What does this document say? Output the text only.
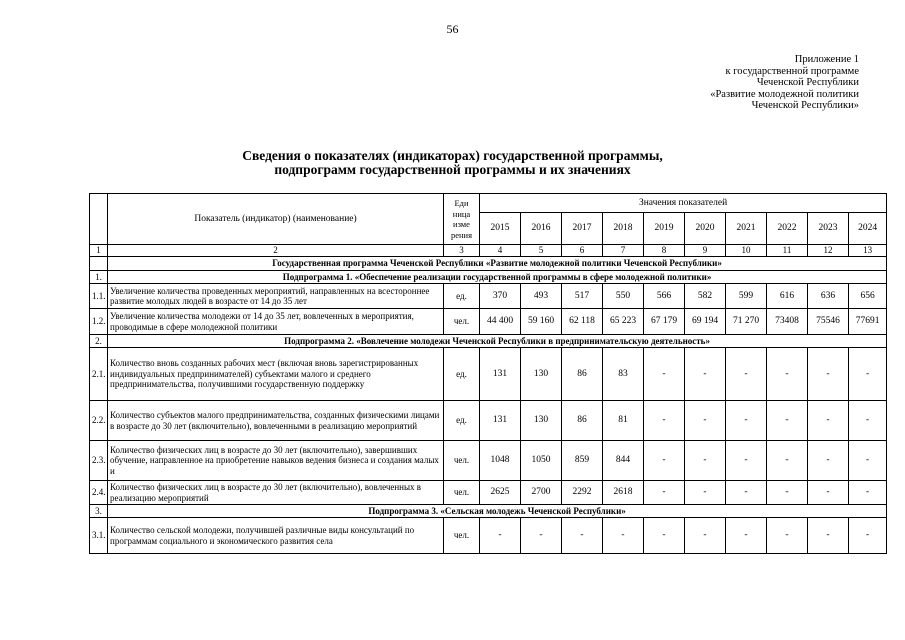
56
Приложение 1
к государственной программе
Чеченской Республики
«Развитие молодежной политики
Чеченской Республики»
Сведения о показателях (индикаторах) государственной программы,
подпрограмм государственной программы и их значениях
	Показатель (индикатор) (наименование)	Еди
ница
изме
рения	Значения показателей									
			2015	2016	2017	2018	2019	2020	2021	2022	2023	2024
1	2	3	4	5	6	7	8	9	10	11	12	13
	Государственная программа Чеченской Республики «Развитие молодежной политики Чеченской Республики»											
1.	Подпрограмма 1. «Обеспечение реализации государственной программы в сфере молодежной политики»											
1.1.	Увеличение количества проведенных мероприятий, направленных на всестороннее развитие молодых людей в возрасте от 14 до 35 лет	ед.	370	493	517	550	566	582	599	616	636	656
1.2.	Увеличение количества молодежи от 14 до 35 лет, вовлеченных в мероприятия, проводимые в сфере молодежной политики	чел.	44 400	59 160	62 118	65 223	67 179	69 194	71 270	73408	75546	77691
2.	Подпрограмма 2. «Вовлечение молодежи Чеченской Республики в предпринимательскую деятельность»											
2.1.	Количество вновь созданных рабочих мест (включая вновь зарегистрированных индивидуальных предпринимателей) субъектами малого и среднего предпринимательства, получившими государственную поддержку	ед.	131	130	86	83	-	-	-	-	-	-
2.2.	Количество субъектов малого предпринимательства, созданных физическими лицами в возрасте до 30 лет (включительно), вовлеченными в реализацию мероприятий	ед.	131	130	86	81	-	-	-	-	-	-
2.3.	Количество физических лиц в возрасте до 30 лет (включительно), завершивших обучение, направленное на приобретение навыков ведения бизнеса и создания малых и	чел.	1048	1050	859	844	-	-	-	-	-	-
2.4.	Количество физических лиц в возрасте до 30 лет (включительно), вовлеченных в реализацию мероприятий	чел.	2625	2700	2292	2618	-	-	-	-	-	-
3.	Подпрограмма 3. «Сельская молодежь Чеченской Республики»											
3.1.	Количество сельской молодежи, получившей различные виды консультаций по программам социального и экономического развития села	чел.	-	-	-	-	-	-	-	-	-	-
